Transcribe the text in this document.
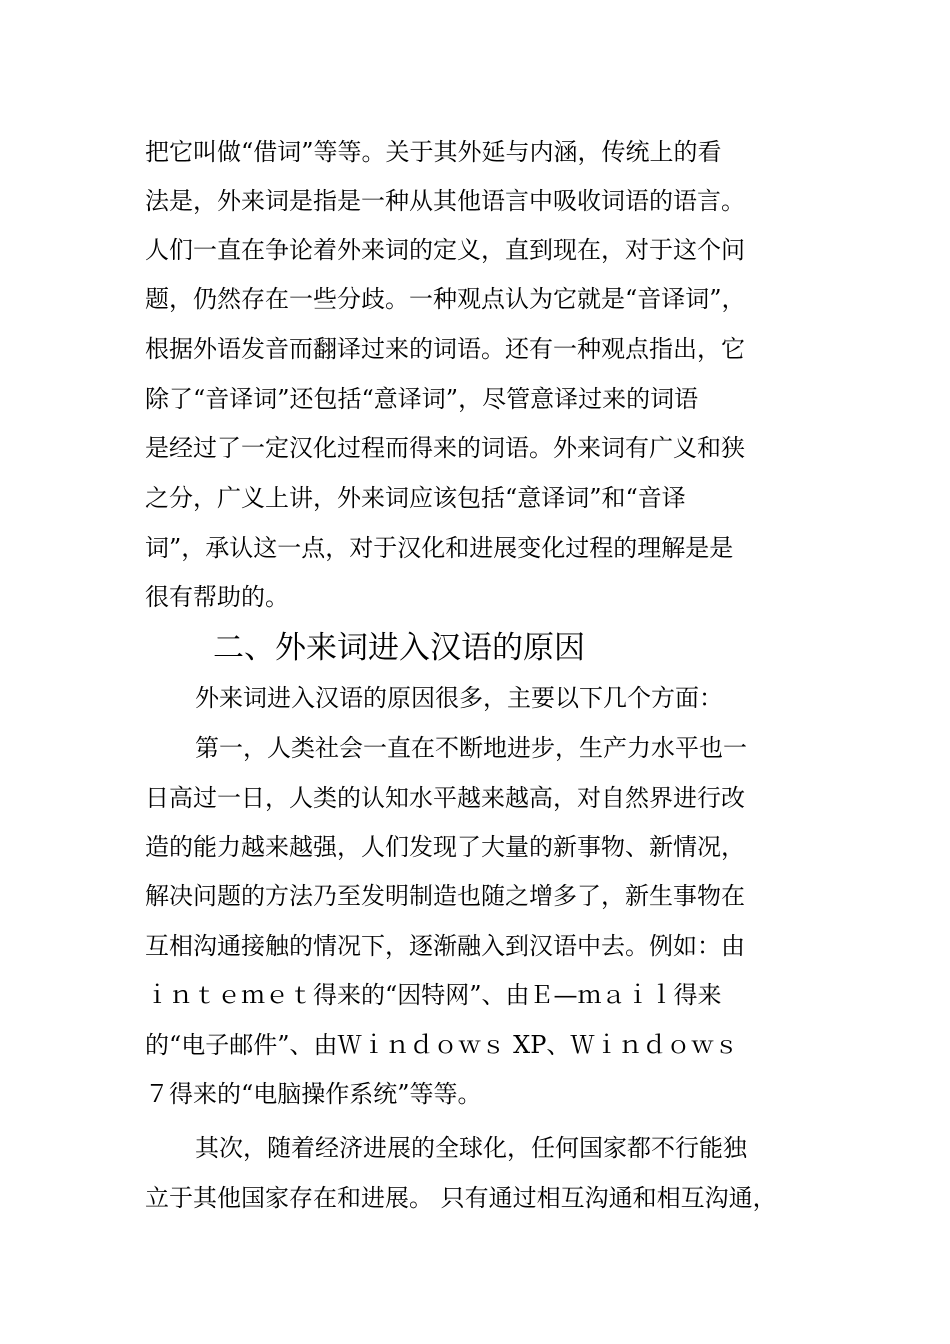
把它叫做“借词”等等。关于其外延与内涵，传统上的看
法是，外来词是指是一种从其他语言中吸收词语的语言。
人们一直在争论着外来词的定义，直到现在，对于这个问
题，仍然存在一些分歧。一种观点认为它就是“音译词”，
根据外语发音而翻译过来的词语。还有一种观点指出，它
除了“音译词”还包括“意译词”，尽管意译过来的词语
是经过了一定汉化过程而得来的词语。外来词有广义和狭
之分，广义上讲，外来词应该包括“意译词”和“音译
词”，承认这一点，对于汉化和进展变化过程的理解是是
很有帮助的。
二、外来词进入汉语的原因
外来词进入汉语的原因很多，主要以下几个方面：
第一，人类社会一直在不断地进步，生产力水平也一
日高过一日，人类的认知水平越来越高，对自然界进行改
造的能力越来越强，人们发现了大量的新事物、新情况，
解决问题的方法乃至发明制造也随之增多了，新生事物在
互相沟通接触的情况下，逐渐融入到汉语中去。例如：由
ｉｎｔｅｍｅｔ得来的“因特网”、由Ｅ—ｍａｉｌ得来
的“电子邮件”、由Ｗｉｎｄｏｗｓ XP、Ｗｉｎｄｏｗｓ
７得来的“电脑操作系统”等等。
其次，随着经济进展的全球化，任何国家都不行能独
立于其他国家存在和进展。 只有通过相互沟通和相互沟通，
